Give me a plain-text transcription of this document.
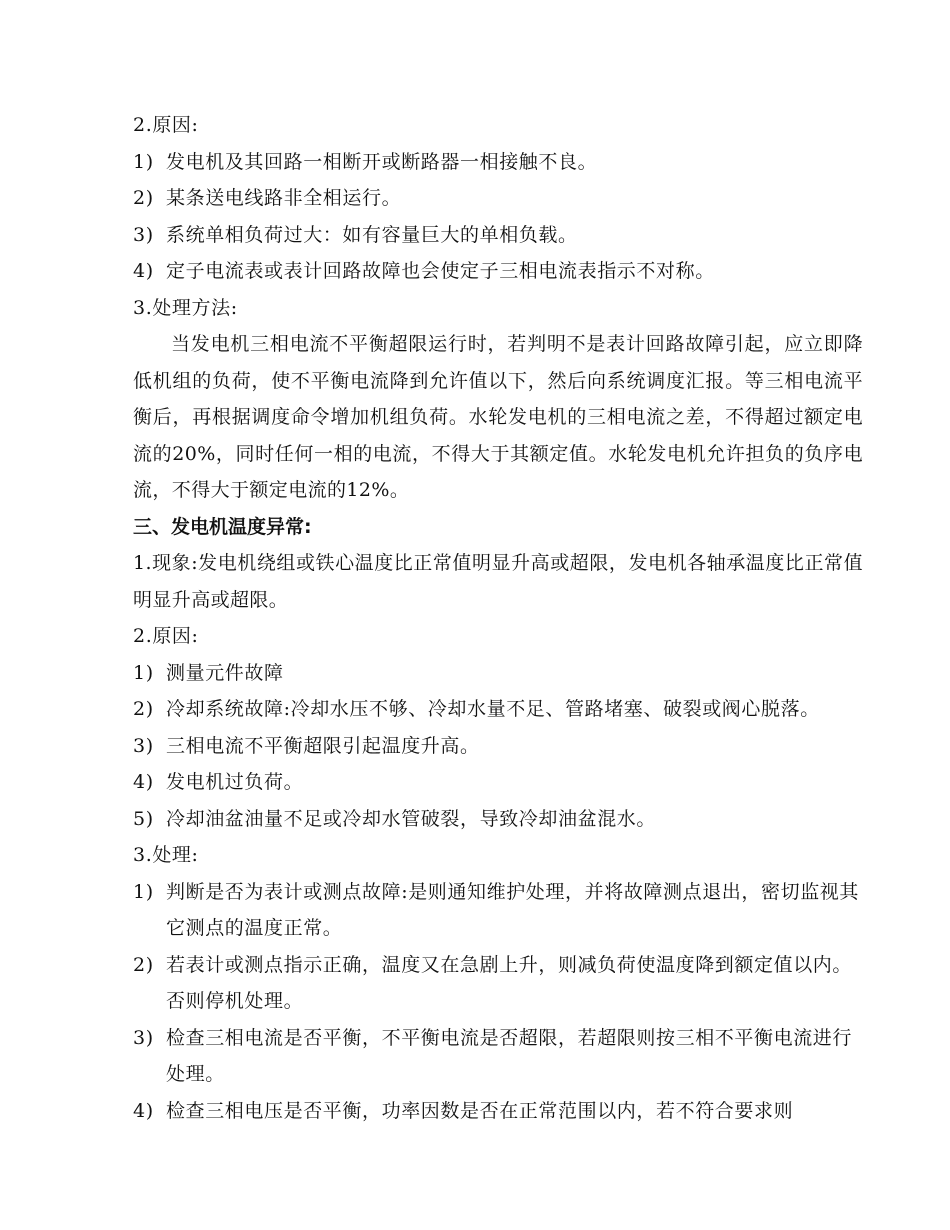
2.原因:
1) 发电机及其回路一相断开或断路器一相接触不良。
2) 某条送电线路非全相运行。
3) 系统单相负荷过大：如有容量巨大的单相负载。
4) 定子电流表或表计回路故障也会使定子三相电流表指示不对称。
3.处理方法:
当发电机三相电流不平衡超限运行时，若判明不是表计回路故障引起，应立即降低机组的负荷，使不平衡电流降到允许值以下，然后向系统调度汇报。等三相电流平衡后，再根据调度命令增加机组负荷。水轮发电机的三相电流之差，不得超过额定电流的20%，同时任何一相的电流，不得大于其额定值。水轮发电机允许担负的负序电流，不得大于额定电流的12%。
三、发电机温度异常:
1.现象:发电机绕组或铁心温度比正常值明显升高或超限，发电机各轴承温度比正常值明显升高或超限。
2.原因:
1) 测量元件故障
2) 冷却系统故障:冷却水压不够、冷却水量不足、管路堵塞、破裂或阀心脱落。
3) 三相电流不平衡超限引起温度升高。
4) 发电机过负荷。
5) 冷却油盆油量不足或冷却水管破裂，导致冷却油盆混水。
3.处理:
1) 判断是否为表计或测点故障:是则通知维护处理，并将故障测点退出，密切监视其它测点的温度正常。
2) 若表计或测点指示正确，温度又在急剧上升，则减负荷使温度降到额定值以内。否则停机处理。
3) 检查三相电流是否平衡，不平衡电流是否超限，若超限则按三相不平衡电流进行处理。
4) 检查三相电压是否平衡，功率因数是否在正常范围以内，若不符合要求则
